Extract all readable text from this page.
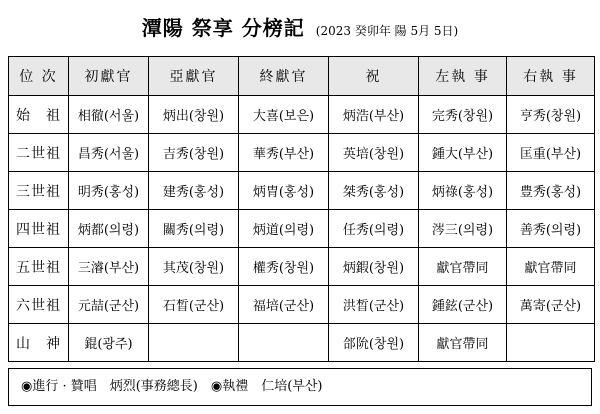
潭陽 祭享 分榜記 (2023 癸卯年 陽 5月 5日)
位 次	初獻官	亞獻官	終獻官	祝	左執 事	右執 事
始　祖	相徹(서울)	炳出(창원)	大喜(보은)	炳浩(부산)	完秀(창원)	亨秀(창원)
二世祖	昌秀(서울)	吉秀(창원)	華秀(부산)	英培(창원)	鍾大(부산)	匡重(부산)
三世祖	明秀(홍성)	建秀(홍성)	炳胄(홍성)	桀秀(홍성)	炳祿(홍성)	豊秀(홍성)
四世祖	炳都(의령)	關秀(의령)	炳道(의령)	任秀(의령)	涔三(의령)	善秀(의령)
五世祖	三濬(부산)	其茂(창원)	權秀(창원)	炳鍜(창원)	獻官帶同	獻官帶同
六世祖	元喆(군산)	石晳(군산)	福培(군산)	洪晳(군산)	鍾鉉(군산)	萬寄(군산)
山　神	錕(광주)			郃阭(창원)	獻官帶同	
◉進行 · 贊唱　炳烈(事務總長)　◉執禮　仁培(부산)
